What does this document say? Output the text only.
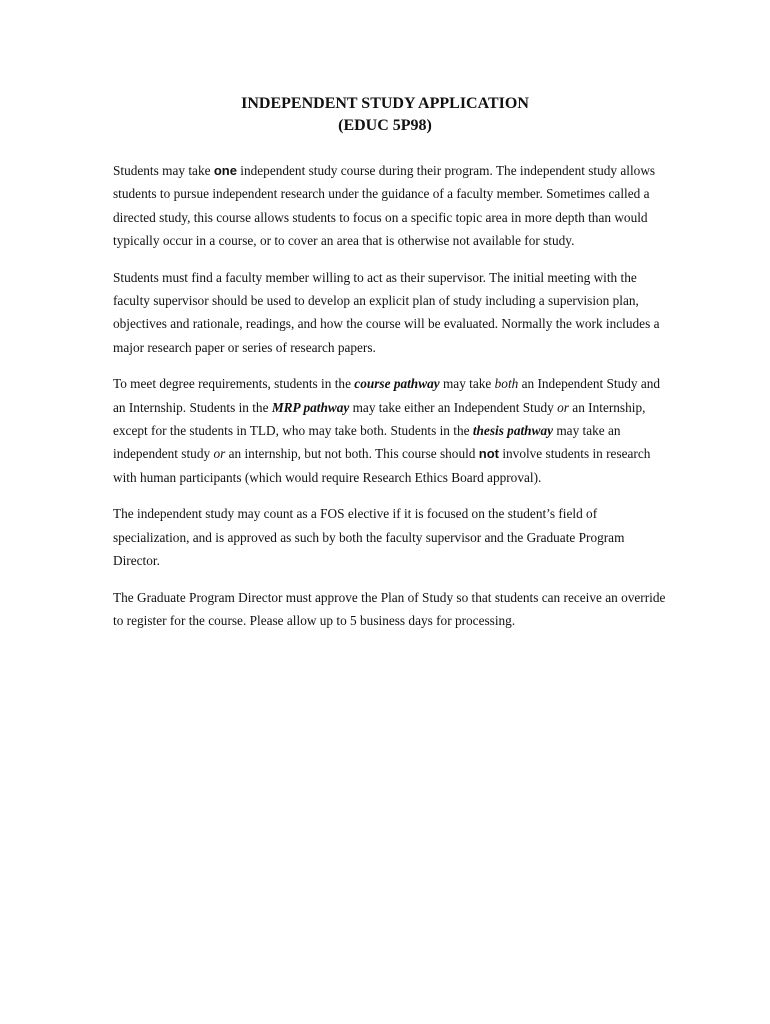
INDEPENDENT STUDY APPLICATION
(EDUC 5P98)

Students may take one independent study course during their program. The independent study allows students to pursue independent research under the guidance of a faculty member. Sometimes called a directed study, this course allows students to focus on a specific topic area in more depth than would typically occur in a course, or to cover an area that is otherwise not available for study.

Students must find a faculty member willing to act as their supervisor. The initial meeting with the faculty supervisor should be used to develop an explicit plan of study including a supervision plan, objectives and rationale, readings, and how the course will be evaluated. Normally the work includes a major research paper or series of research papers.

To meet degree requirements, students in the course pathway may take both an Independent Study and an Internship. Students in the MRP pathway may take either an Independent Study or an Internship, except for the students in TLD, who may take both. Students in the thesis pathway may take an independent study or an internship, but not both. This course should not involve students in research with human participants (which would require Research Ethics Board approval).

The independent study may count as a FOS elective if it is focused on the student’s field of specialization, and is approved as such by both the faculty supervisor and the Graduate Program Director.

The Graduate Program Director must approve the Plan of Study so that students can receive an override to register for the course. Please allow up to 5 business days for processing.
